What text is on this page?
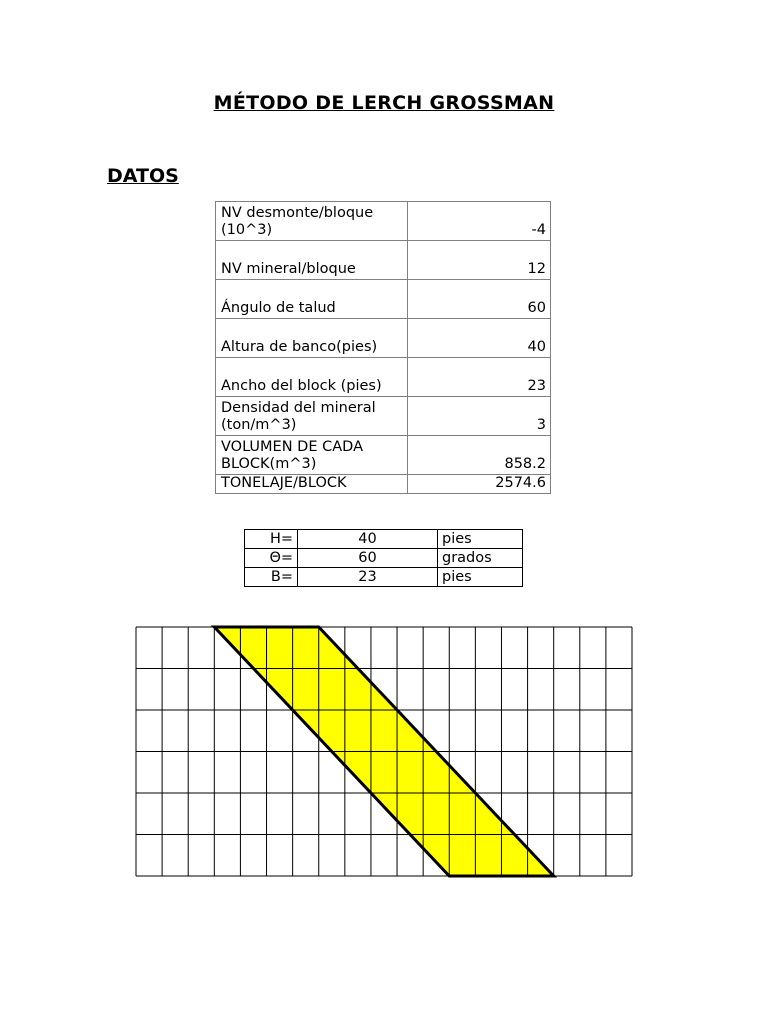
MÉTODO DE LERCH GROSSMAN
DATOS
NV desmonte/bloque
(10^3)	-4
NV mineral/bloque	12
Ángulo de talud	60
Altura de banco(pies)	40
Ancho del block (pies)	23
Densidad del mineral
(ton/m^3)	3
VOLUMEN DE CADA
BLOCK(m^3)	858.2
TONELAJE/BLOCK	2574.6
H=	40	pies
Θ=	60	grados
B=	23	pies
